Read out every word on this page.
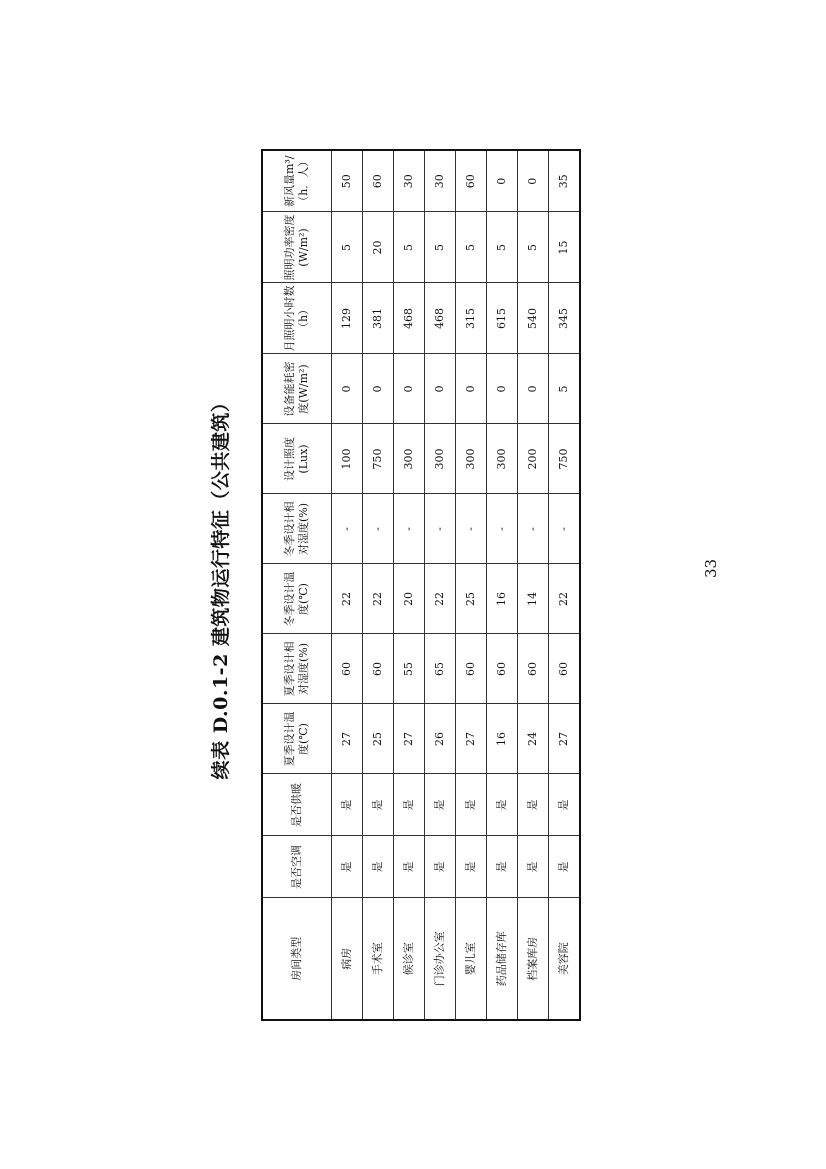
续表 D.0.1-2 建筑物运行特征（公共建筑）
房间类型	是否空调	是否供暖	夏季设计温度(℃)	夏季设计相对湿度(%)	冬季设计温度(℃)	冬季设计相对湿度(%)	设计照度(Lux)	设备能耗密度(W/m²)	月照明小时数（h）	照明功率密度(W/m²)	新风量m³/（h．人）
病房	是	是	27	60	22	-	100	0	129	5	50
手术室	是	是	25	60	22	-	750	0	381	20	60
候诊室	是	是	27	55	20	-	300	0	468	5	30
门诊办公室	是	是	26	65	22	-	300	0	468	5	30
婴儿室	是	是	27	60	25	-	300	0	315	5	60
药品储存库	是	是	16	60	16	-	300	0	615	5	0
档案库房	是	是	24	60	14	-	200	0	540	5	0
美容院	是	是	27	60	22	-	750	5	345	15	35
33
